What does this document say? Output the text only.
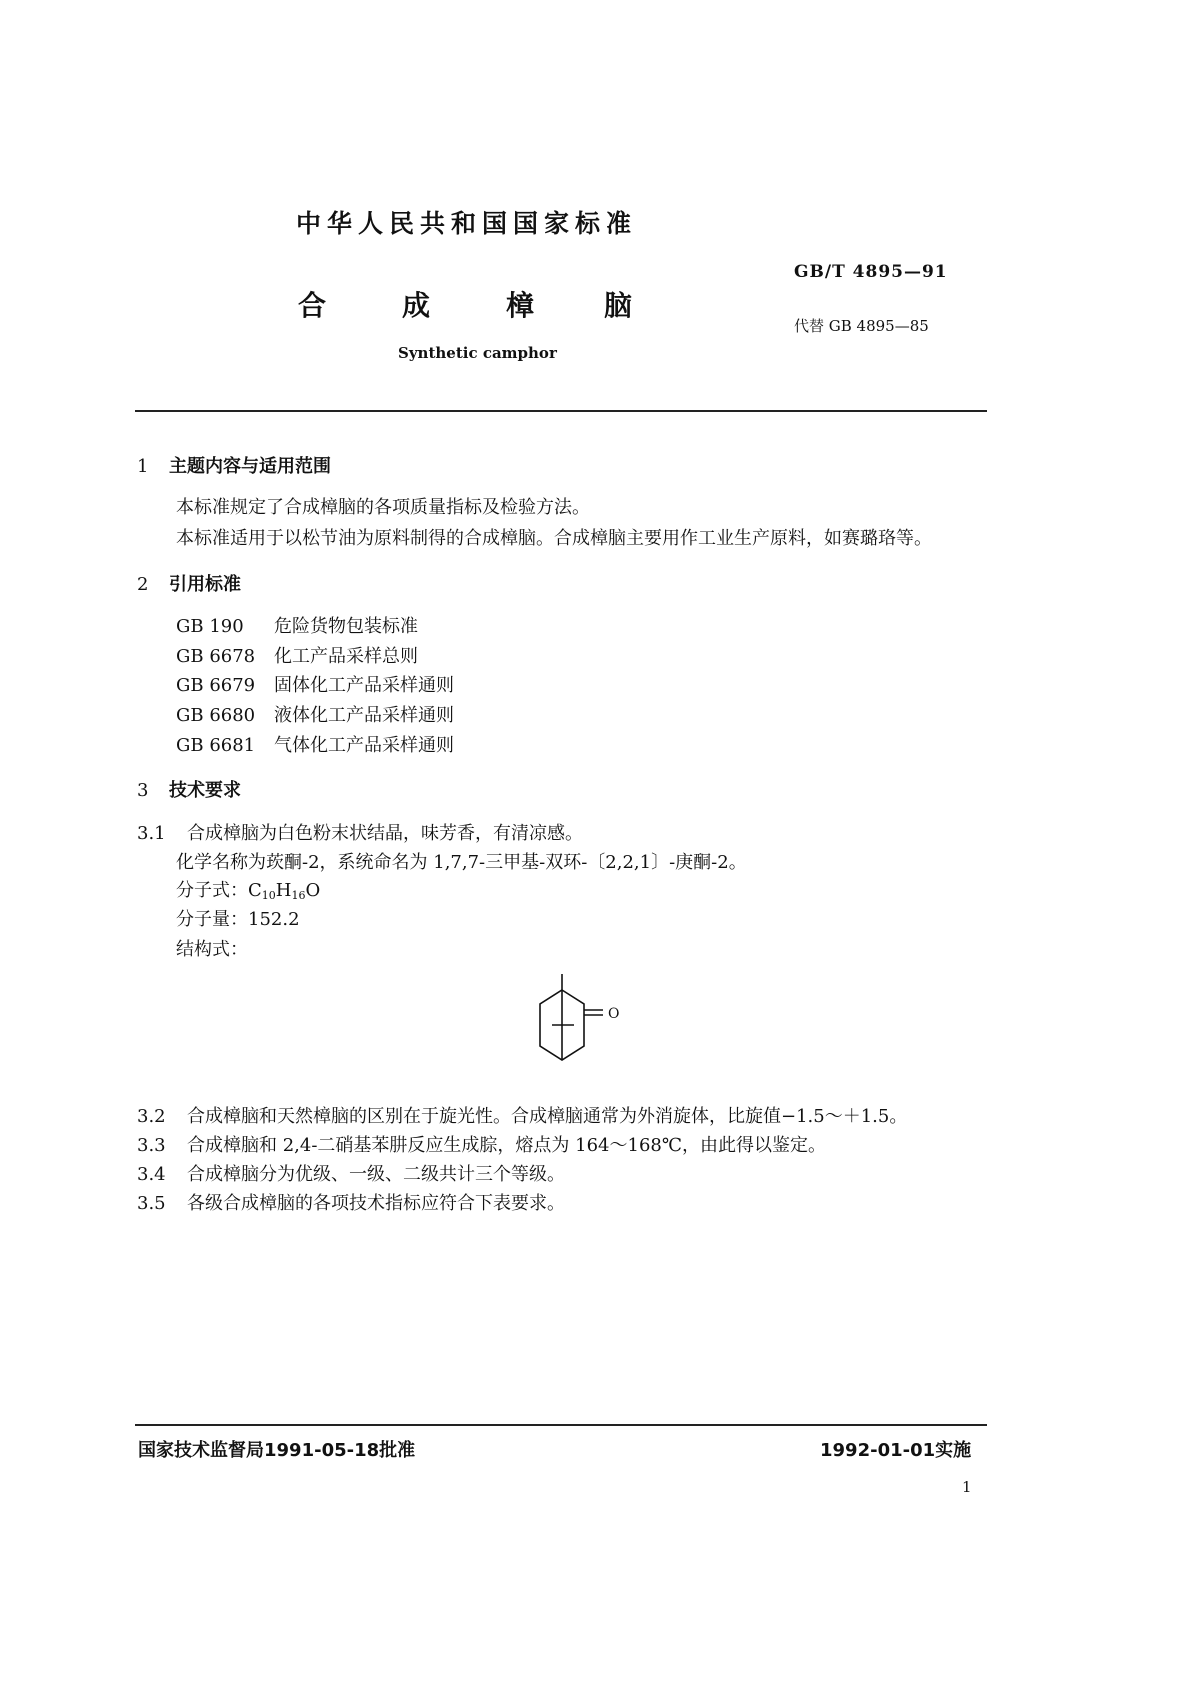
中华人民共和国国家标准
合	成	樟 脑
Synthetic camphor
GB/T 4895—91
代替 GB 4895—85
1 主题内容与适用范围
本标准规定了合成樟脑的各项质量指标及检验方法。
本标准适用于以松节油为原料制得的合成樟脑。合成樟脑主要用作工业生产原料，如赛璐珞等。
2 引用标准
GB 190 危险货物包装标准
GB 6678 化工产品采样总则
GB 6679 固体化工产品采样通则
GB 6680 液体化工产品采样通则
GB 6681 气体化工产品采样通则
3 技术要求
3.1 合成樟脑为白色粉末状结晶，味芳香，有清凉感。
化学名称为莰酮-2，系统命名为 1,7,7-三甲基-双环-〔2,2,1〕-庚酮-2。
分子式：$C_{10}H_{16}O$
分子量：152.2
结构式：
O
3.2 合成樟脑和天然樟脑的区别在于旋光性。合成樟脑通常为外消旋体，比旋值−1.5～＋1.5。
3.3 合成樟脑和 2,4-二硝基苯肼反应生成腙，熔点为 164～168℃，由此得以鉴定。
3.4 合成樟脑分为优级、一级、二级共计三个等级。
3.5 各级合成樟脑的各项技术指标应符合下表要求。
国家技术监督局1991-05-18批准	1992-01-01实施
1
